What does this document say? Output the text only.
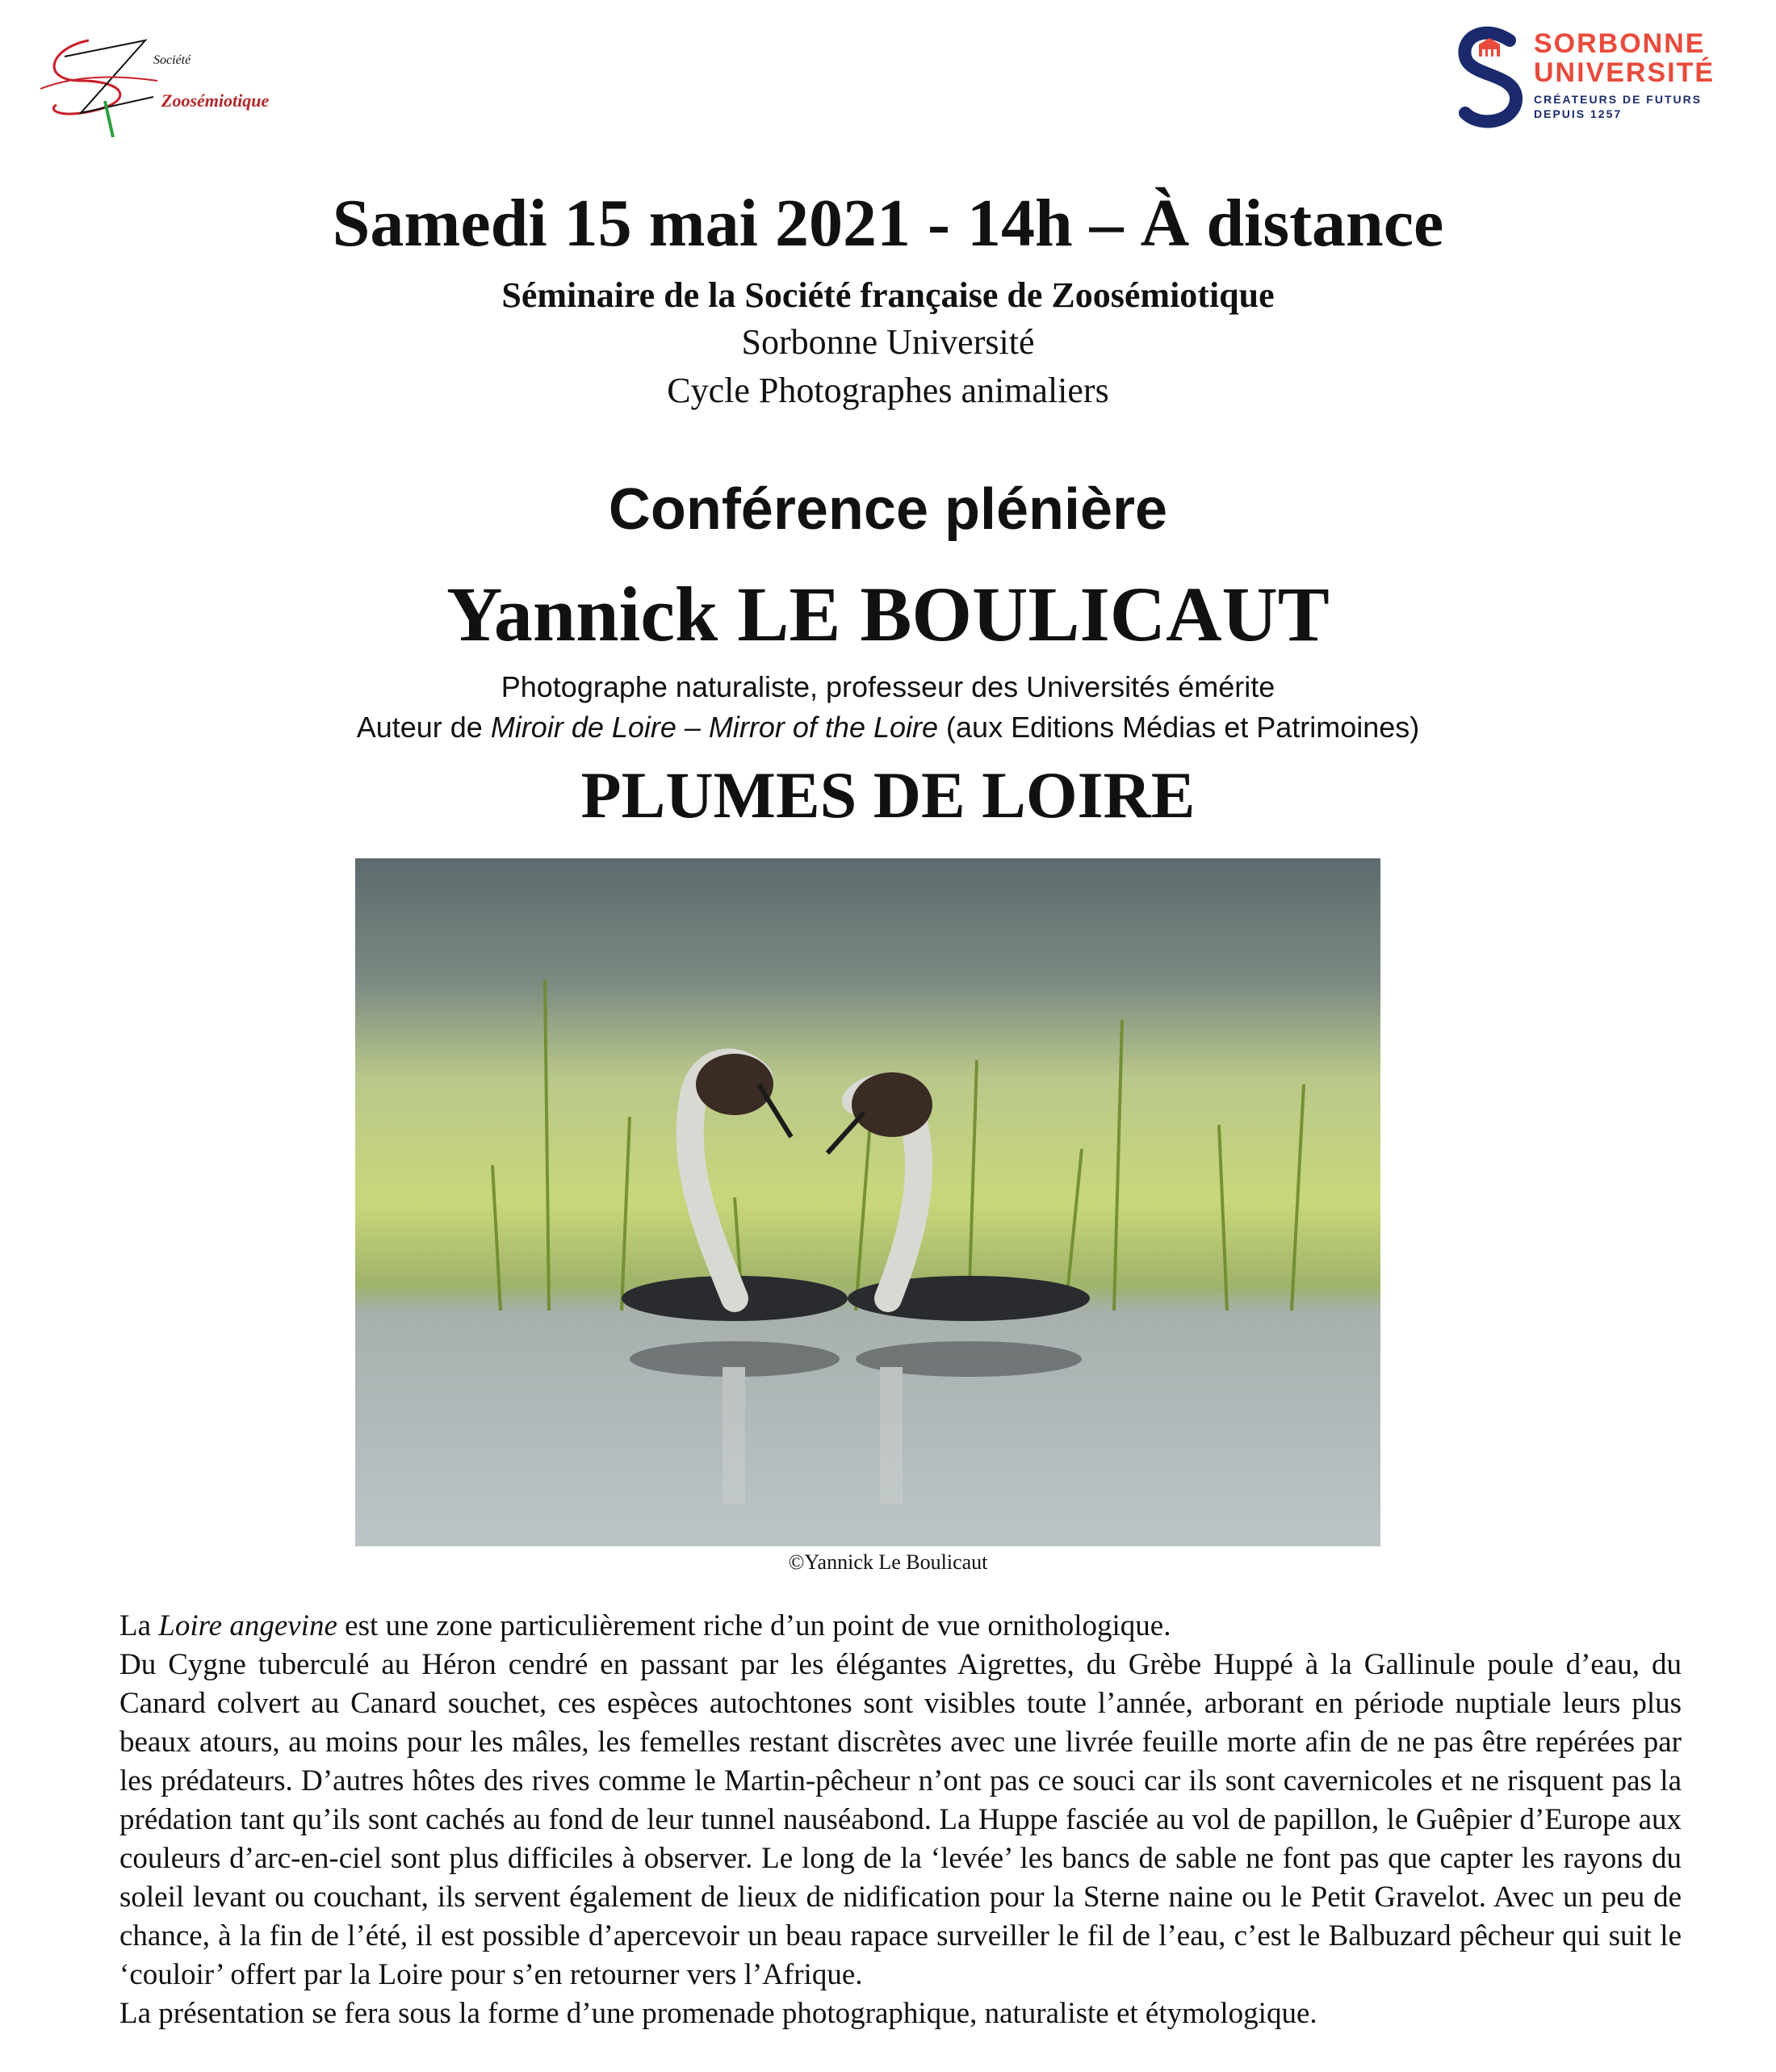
Société
Zoosémiotique
SORBONNE
UNIVERSITÉ
CRÉATEURS DE FUTURS
DEPUIS 1257
Samedi 15 mai 2021 - 14h – À distance
Séminaire de la Société française de Zoosémiotique
Sorbonne Université
Cycle Photographes animaliers
Conférence plénière
Yannick LE BOULICAUT
Photographe naturaliste, professeur des Universités émérite
Auteur de Miroir de Loire – Mirror of the Loire (aux Editions Médias et Patrimoines)
PLUMES DE LOIRE
©Yannick Le Boulicaut

La Loire angevine est une zone particulièrement riche d’un point de vue ornithologique.

Du Cygne tuberculé au Héron cendré en passant par les élégantes Aigrettes, du Grèbe Huppé à la Gallinule poule d’eau, du Canard colvert au Canard souchet, ces espèces autochtones sont visibles toute l’année, arborant en période nuptiale leurs plus beaux atours, au moins pour les mâles, les femelles restant discrètes avec une livrée feuille morte afin de ne pas être repérées par les prédateurs. D’autres hôtes des rives comme le Martin-pêcheur n’ont pas ce souci car ils sont cavernicoles et ne risquent pas la prédation tant qu’ils sont cachés au fond de leur tunnel nauséabond. La Huppe fasciée au vol de papillon, le Guêpier d’Europe aux couleurs d’arc-en-ciel sont plus difficiles à observer. Le long de la ‘levée’ les bancs de sable ne font pas que capter les rayons du soleil levant ou couchant, ils servent également de lieux de nidification pour la Sterne naine ou le Petit Gravelot. Avec un peu de chance, à la fin de l’été, il est possible d’apercevoir un beau rapace surveiller le fil de l’eau, c’est le Balbuzard pêcheur qui suit le ‘couloir’ offert par la Loire pour s’en retourner vers l’Afrique.

La présentation se fera sous la forme d’une promenade photographique, naturaliste et étymologique.
